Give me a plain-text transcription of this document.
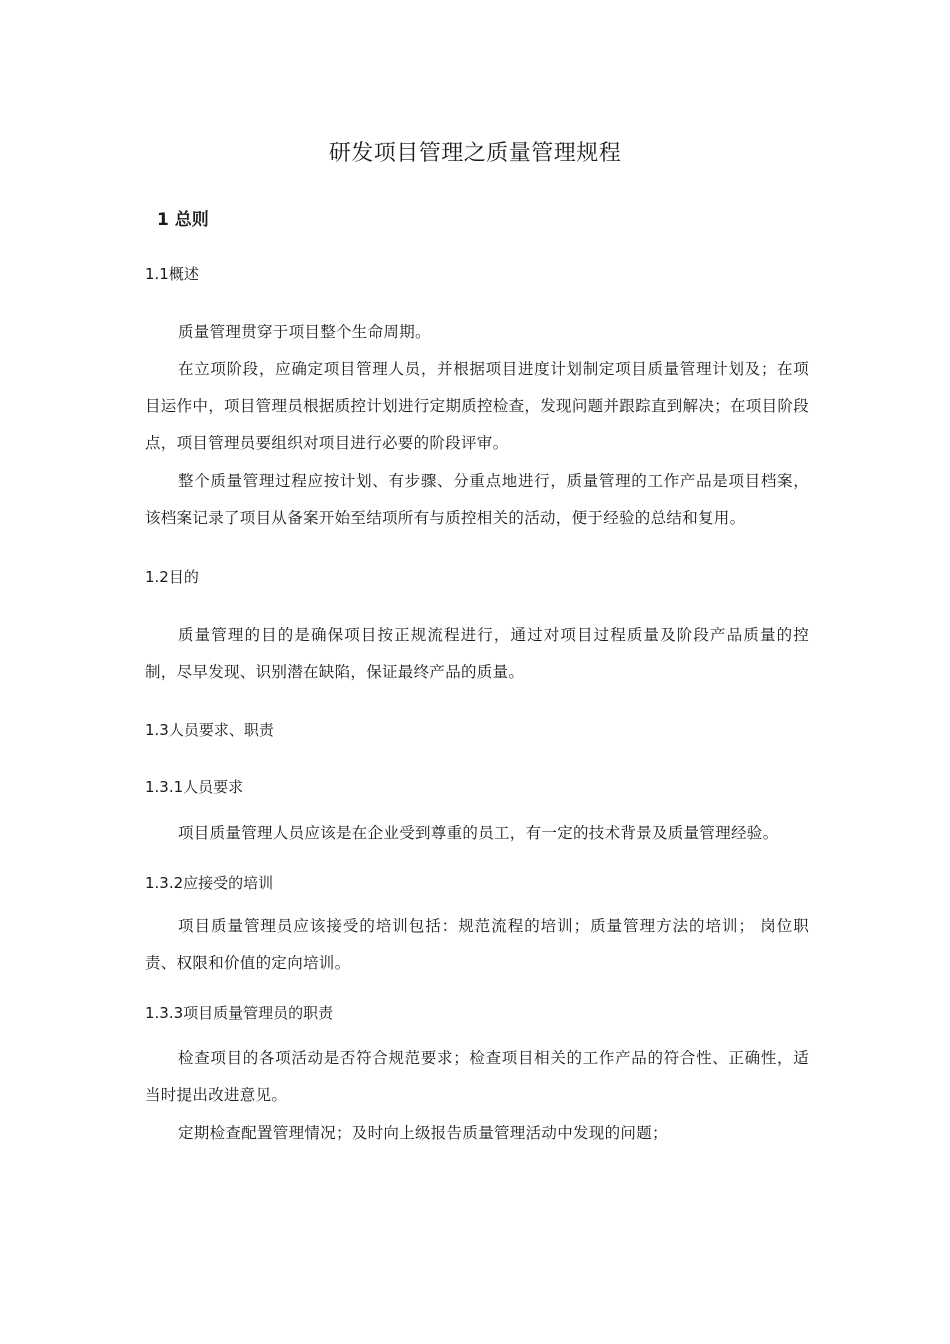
研发项目管理之质量管理规程
1 总则
1.1概述
质量管理贯穿于项目整个生命周期。
在立项阶段，应确定项目管理人员，并根据项目进度计划制定项目质量管理计划及；在项目运作中，项目管理员根据质控计划进行定期质控检查，发现问题并跟踪直到解决；在项目阶段点，项目管理员要组织对项目进行必要的阶段评审。
整个质量管理过程应按计划、有步骤、分重点地进行，质量管理的工作产品是项目档案，该档案记录了项目从备案开始至结项所有与质控相关的活动，便于经验的总结和复用。
1.2目的
质量管理的目的是确保项目按正规流程进行，通过对项目过程质量及阶段产品质量的控制，尽早发现、识别潜在缺陷，保证最终产品的质量。
1.3人员要求、职责
1.3.1人员要求
项目质量管理人员应该是在企业受到尊重的员工，有一定的技术背景及质量管理经验。
1.3.2应接受的培训
项目质量管理员应该接受的培训包括：规范流程的培训；质量管理方法的培训； 岗位职责、权限和价值的定向培训。
1.3.3项目质量管理员的职责
检查项目的各项活动是否符合规范要求；检查项目相关的工作产品的符合性、正确性，适当时提出改进意见。
定期检查配置管理情况；及时向上级报告质量管理活动中发现的问题；
